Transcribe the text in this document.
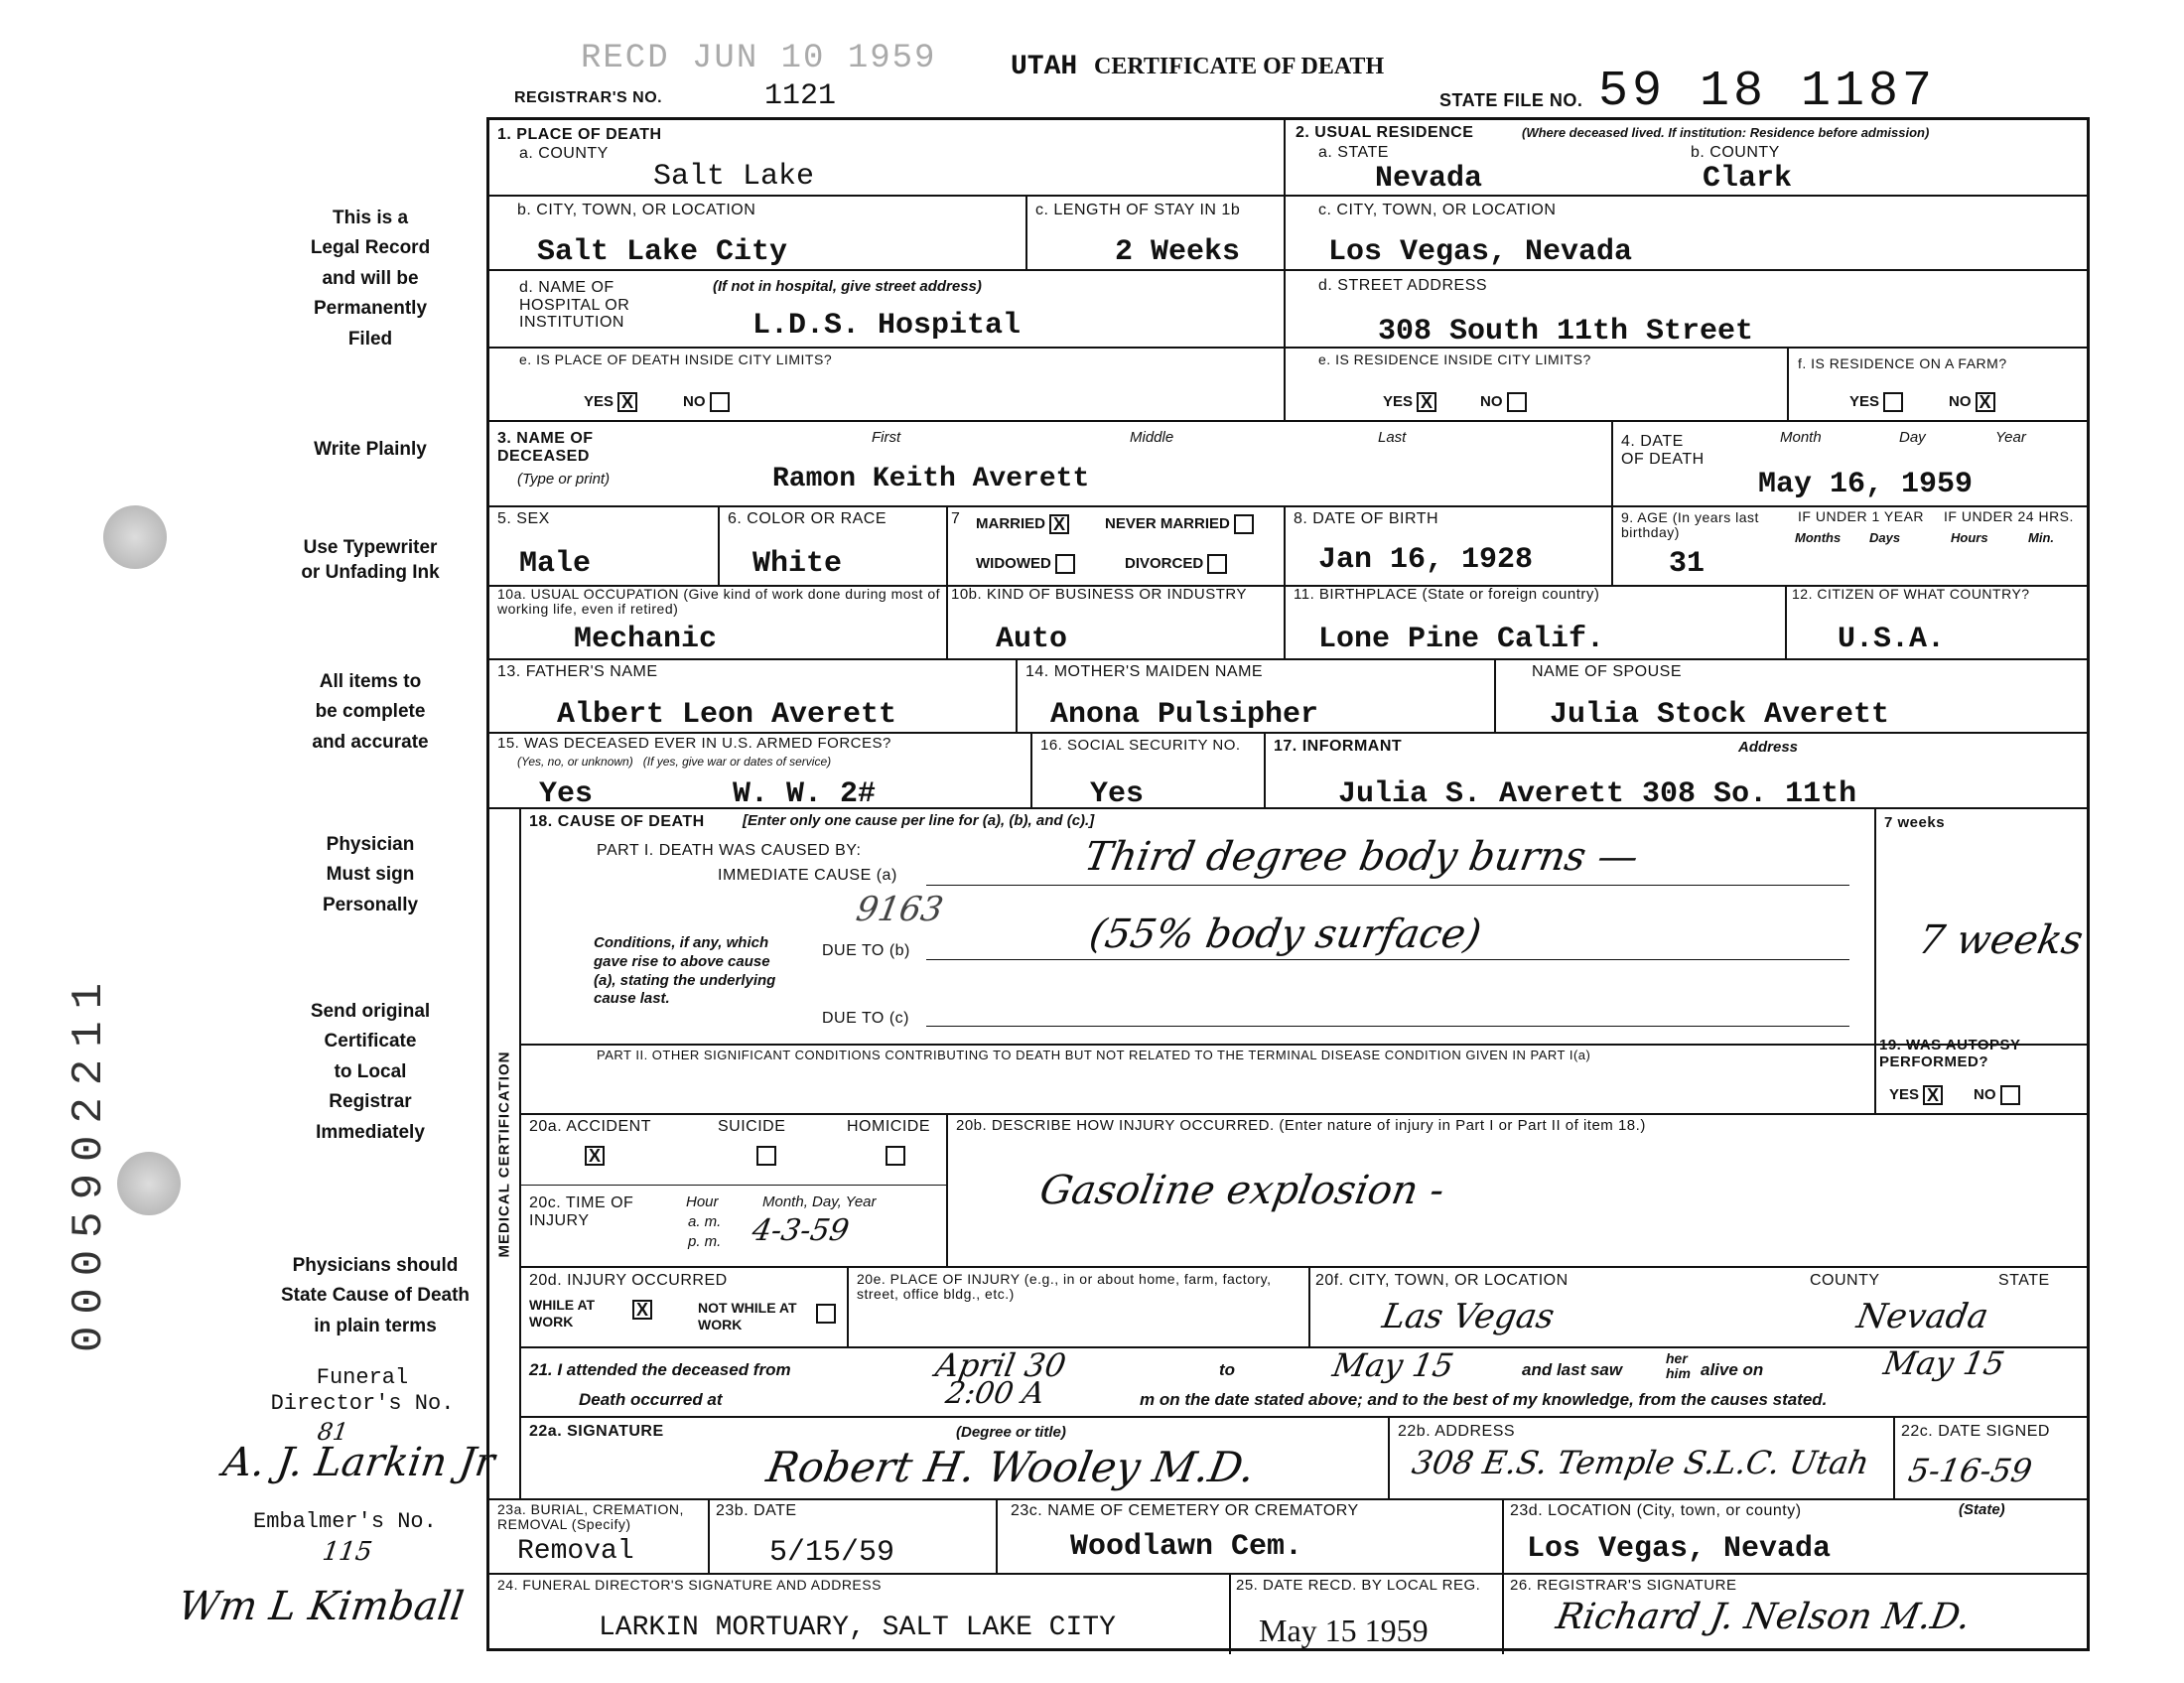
RECD JUN 10 1959	UTAH CERTIFICATE OF DEATH
REGISTRAR'S NO.	1121	STATE FILE NO. 59 18 1187
This is a
Legal Record
and will be
Permanently
Filed
Write Plainly
Use Typewriter
or Unfading Ink
All items to
be complete
and accurate
Physician
Must sign
Personally
Send original
Certificate
to Local
Registrar
Immediately
Physicians should
State Cause of Death
in plain terms
Funeral
Director's No.
81
A. J. Larkin Jr
Embalmer's No.
115
Wm L Kimball
0005902211
1. PLACE OF DEATH
a. COUNTY
Salt Lake
2. USUAL RESIDENCE	(Where deceased lived. If institution: Residence before admission)
a. STATE	b. COUNTY
Nevada	Clark
b. CITY, TOWN, OR LOCATION
Salt Lake City
c. LENGTH OF STAY IN 1b
2 Weeks
c. CITY, TOWN, OR LOCATION
Los Vegas, Nevada
d. NAME OF HOSPITAL OR INSTITUTION
(If not in hospital, give street address)
L.D.S. Hospital
d. STREET ADDRESS
308 South 11th Street
e. IS PLACE OF DEATH INSIDE CITY LIMITS?
YES X	NO
e. IS RESIDENCE INSIDE CITY LIMITS?
YES X	NO
f. IS RESIDENCE ON A FARM?
YES	NO X
3. NAME OF DECEASED
(Type or print)
First	Middle	Last
Ramon Keith Averett
4. DATE OF DEATH
Month	Day	Year
May 16, 1959
5. SEX
Male
6. COLOR OR RACE
White
7 MARRIED X	NEVER MARRIED
WIDOWED	DIVORCED
8. DATE OF BIRTH
Jan 16, 1928
9. AGE (In years last birthday)
31
IF UNDER 1 YEAR IF UNDER 24 HRS.
Months Days	Hours	Min.
10a. USUAL OCCUPATION (Give kind of work done during most of working life, even if retired)
Mechanic
10b. KIND OF BUSINESS OR INDUSTRY
Auto
11. BIRTHPLACE (State or foreign country)
Lone Pine Calif.
12. CITIZEN OF WHAT COUNTRY?
U.S.A.
13. FATHER'S NAME
Albert Leon Averett
14. MOTHER'S MAIDEN NAME
Anona Pulsipher
NAME OF SPOUSE
Julia Stock Averett
15. WAS DECEASED EVER IN U.S. ARMED FORCES?
(Yes, no, or unknown)   (If yes, give war or dates of service)
Yes	W. W. 2#
16. SOCIAL SECURITY NO.
Yes
17. INFORMANT	Address
Julia S. Averett 308 So. 11th
MEDICAL CERTIFICATION
18. CAUSE OF DEATH	[Enter only one cause per line for (a), (b), and (c).]
PART I. DEATH WAS CAUSED BY:
IMMEDIATE CAUSE (a)	Third degree body burns —
9163
Conditions, if any, which gave rise to above cause (a), stating the underlying cause last.
DUE TO (b)	(55% body surface)
DUE TO (c)
7 weeks
7 weeks
PART II. OTHER SIGNIFICANT CONDITIONS CONTRIBUTING TO DEATH BUT NOT RELATED TO THE TERMINAL DISEASE CONDITION GIVEN IN PART I(a)
19. WAS AUTOPSY PERFORMED?
YES X NO
20a. ACCIDENT
X
SUICIDE	HOMICIDE 20b. DESCRIBE HOW INJURY OCCURRED. (Enter nature of injury in Part I or Part II of item 18.)
Gasoline explosion -
20c. TIME OF INJURY
Hour	Month, Day, Year
a. m.
p. m. 4-3-59
20d. INJURY OCCURRED
WHILE AT WORK
X	NOT WHILE AT WORK
20e. PLACE OF INJURY (e.g., in or about home, farm, factory, street, office bldg., etc.)
20f. CITY, TOWN, OR LOCATION	COUNTY	STATE
Las Vegas	Nevada
21. I attended the deceased from	April 30	to	May 15	and last saw
her him alive on	May 15
Death occurred at	2:00 A	m on the date stated above; and to the best of my knowledge, from the causes stated.
22a. SIGNATURE	(Degree or title)
Robert H. Wooley M.D.
22b. ADDRESS
308 E.S. Temple S.L.C. Utah
22c. DATE SIGNED
5-16-59
23a. BURIAL, CREMATION, REMOVAL (Specify)
Removal
23b. DATE
5/15/59
23c. NAME OF CEMETERY OR CREMATORY
Woodlawn Cem.
23d. LOCATION (City, town, or county)	(State)
Los Vegas, Nevada
24. FUNERAL DIRECTOR'S SIGNATURE AND ADDRESS
LARKIN MORTUARY, SALT LAKE CITY
25. DATE RECD. BY LOCAL REG.
May 15 1959
26. REGISTRAR'S SIGNATURE
Richard J. Nelson M.D.
